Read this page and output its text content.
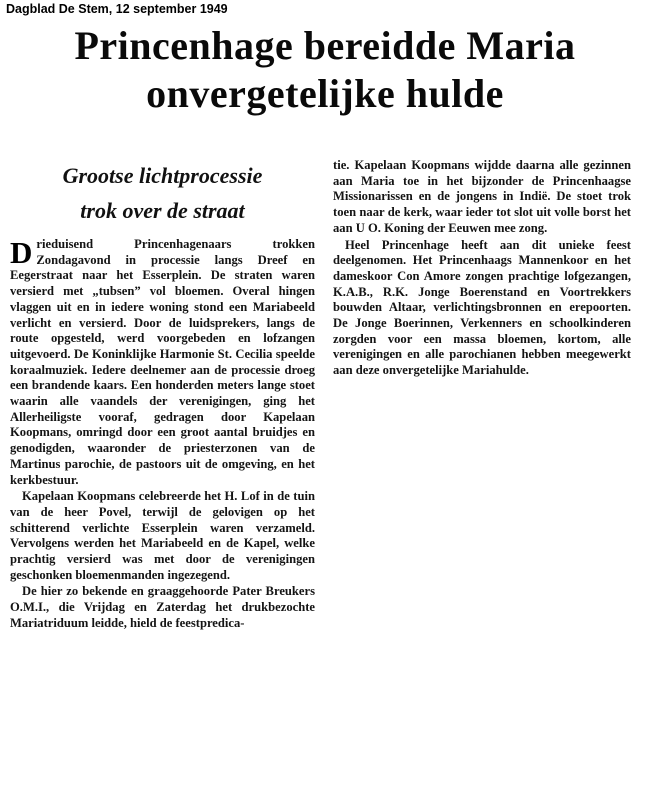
Dagblad De Stem, 12 september 1949
Princenhage bereidde Maria
onvergetelijke hulde
Grootse lichtprocessie
trok over de straat

Drieduisend Princenhagenaars trokken Zondagavond in processie langs Dreef en Eegerstraat naar het Esserplein. De straten waren versierd met „tubsen” vol bloemen. Overal hingen vlaggen uit en in iedere woning stond een Mariabeeld verlicht en versierd. Door de luidsprekers, langs de route opgesteld, werd voorgebeden en lofzangen uitgevoerd. De Koninklijke Harmonie St. Cecilia speelde koraalmuziek. Iedere deelnemer aan de processie droeg een brandende kaars. Een honderden meters lange stoet waarin alle vaandels der verenigingen, ging het Allerheiligste vooraf, gedragen door Kapelaan Koopmans, omringd door een groot aantal bruidjes en genodigden, waaronder de priesterzonen van de Martinus parochie, de pastoors uit de omgeving, en het kerkbestuur.

Kapelaan Koopmans celebreerde het H. Lof in de tuin van de heer Povel, terwijl de gelovigen op het schitterend verlichte Esserplein waren verzameld. Vervolgens werden het Mariabeeld en de Kapel, welke prachtig versierd was met door de verenigingen geschonken bloemenmanden ingezegend.

De hier zo bekende en graaggehoorde Pater Breukers O.M.I., die Vrijdag en Zaterdag het drukbezochte Mariatriduum leidde, hield de feestpredica-

tie. Kapelaan Koopmans wijdde daarna alle gezinnen aan Maria toe in het bijzonder de Princenhaagse Missionarissen en de jongens in Indië. De stoet trok toen naar de kerk, waar ieder tot slot uit volle borst het aan U O. Koning der Eeuwen mee zong.

Heel Princenhage heeft aan dit unieke feest deelgenomen. Het Princenhaags Mannenkoor en het dameskoor Con Amore zongen prachtige lofgezangen, K.A.B., R.K. Jonge Boerenstand en Voortrekkers bouwden Altaar, verlichtingsbronnen en erepoorten. De Jonge Boerinnen, Verkenners en schoolkinderen zorgden voor een massa bloemen, kortom, alle verenigingen en alle parochianen hebben meegewerkt aan deze onvergetelijke Mariahulde.
